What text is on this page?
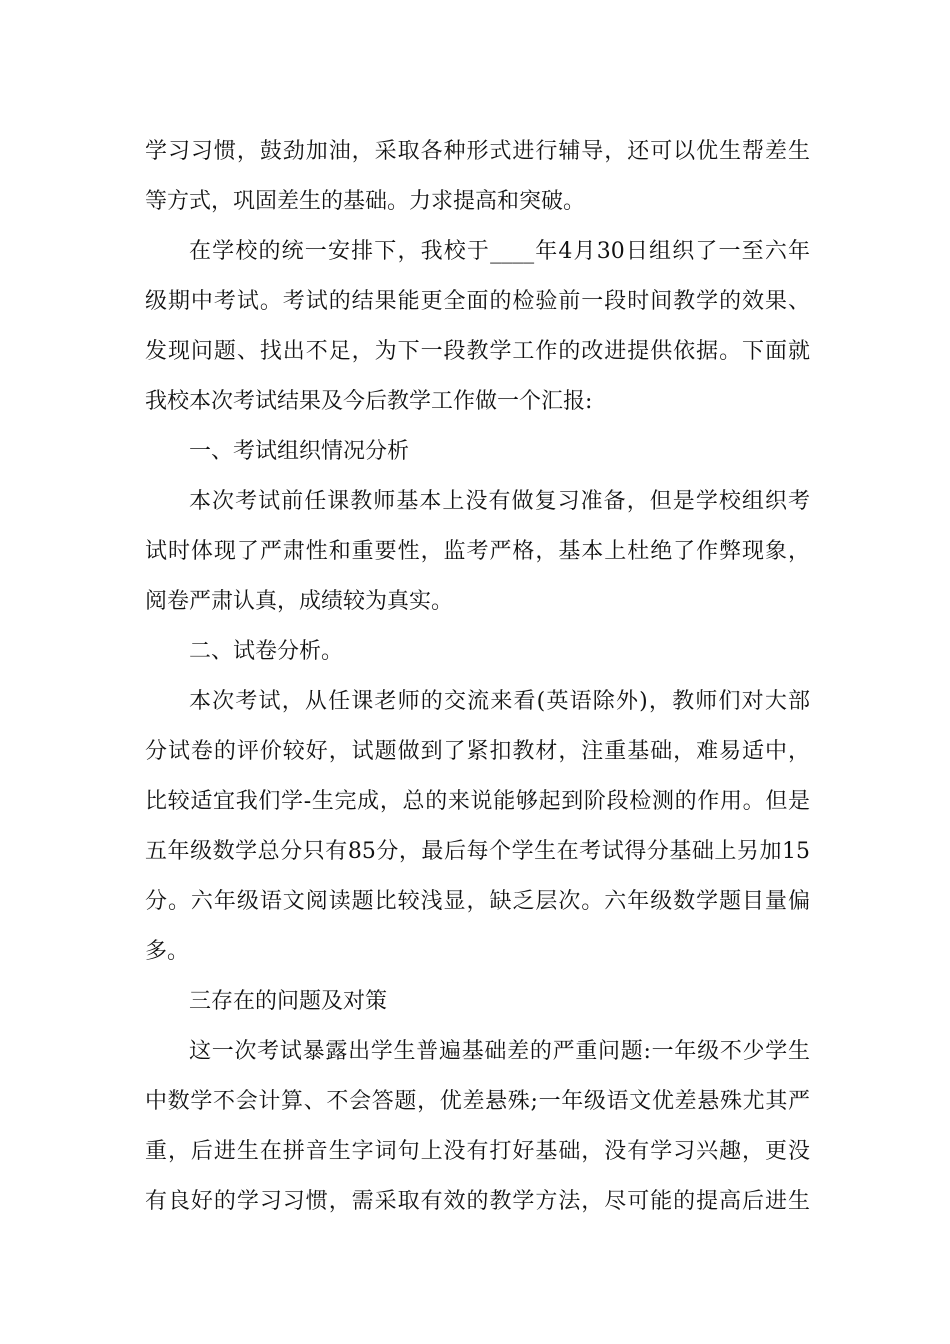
学习习惯，鼓劲加油，采取各种形式进行辅导，还可以优生帮差生
等方式，巩固差生的基础。力求提高和突破。
在学校的统一安排下，我校于____年4月30日组织了一至六年
级期中考试。考试的结果能更全面的检验前一段时间教学的效果、
发现问题、找出不足，为下一段教学工作的改进提供依据。下面就
我校本次考试结果及今后教学工作做一个汇报:
一、考试组织情况分析
本次考试前任课教师基本上没有做复习准备，但是学校组织考
试时体现了严肃性和重要性，监考严格，基本上杜绝了作弊现象，
阅卷严肃认真，成绩较为真实。
二、试卷分析。
本次考试，从任课老师的交流来看(英语除外)，教师们对大部
分试卷的评价较好，试题做到了紧扣教材，注重基础，难易适中，
比较适宜我们学-生完成，总的来说能够起到阶段检测的作用。但是
五年级数学总分只有85分，最后每个学生在考试得分基础上另加15
分。六年级语文阅读题比较浅显，缺乏层次。六年级数学题目量偏
多。
三存在的问题及对策
这一次考试暴露出学生普遍基础差的严重问题:一年级不少学生
中数学不会计算、不会答题，优差悬殊;一年级语文优差悬殊尤其严
重，后进生在拼音生字词句上没有打好基础，没有学习兴趣，更没
有良好的学习习惯，需采取有效的教学方法，尽可能的提高后进生
